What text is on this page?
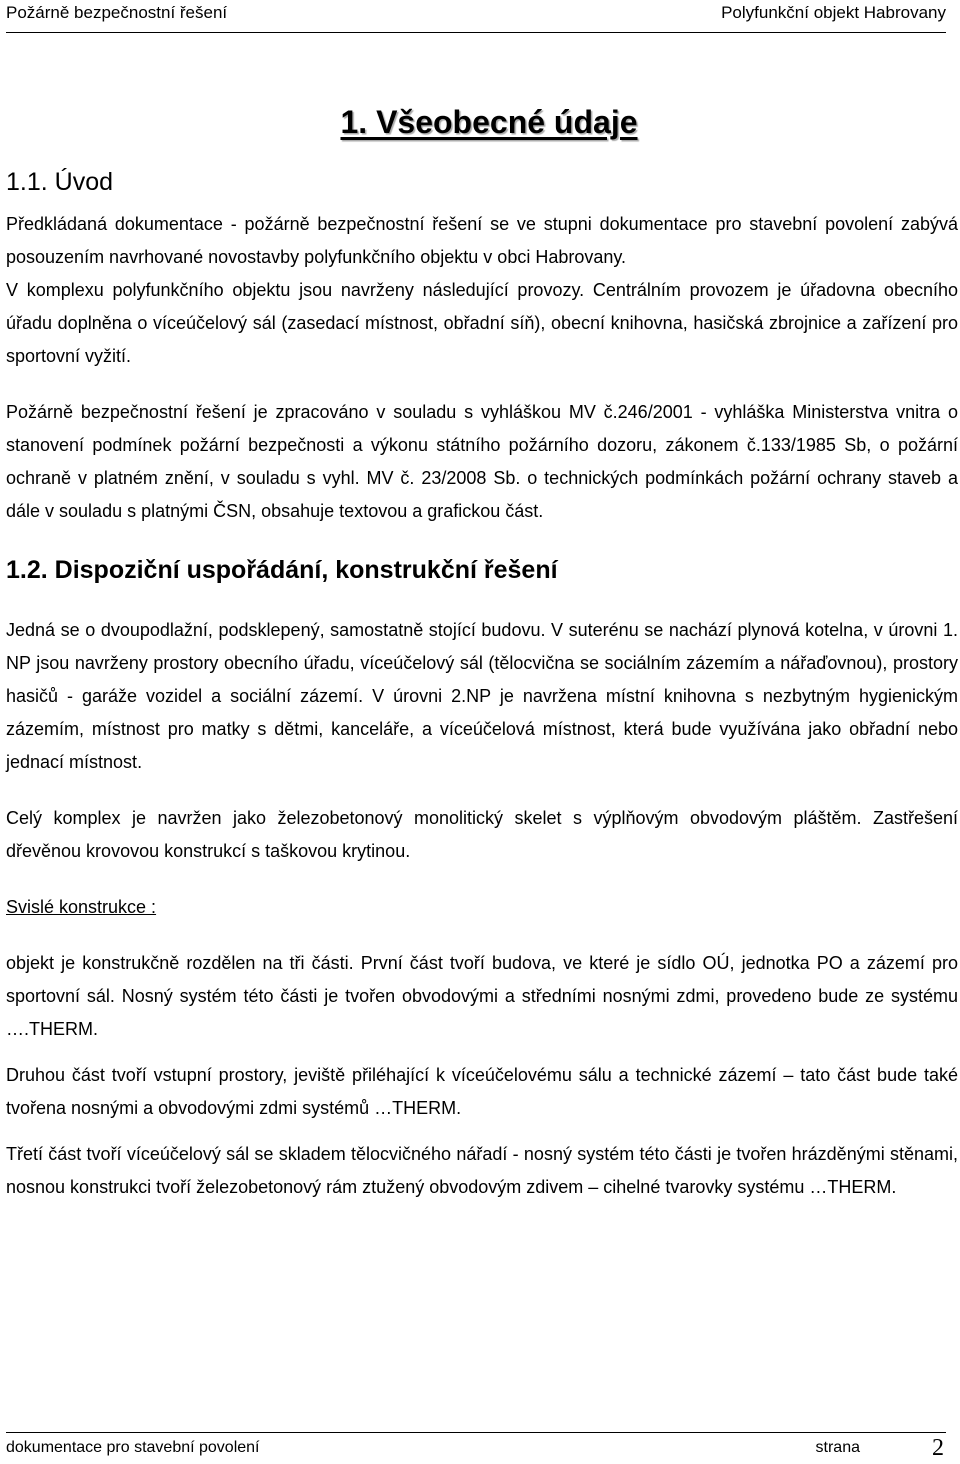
Požárně bezpečnostní řešení	Polyfunkční objekt Habrovany
1. Všeobecné údaje
1.1. Úvod

Předkládaná dokumentace - požárně bezpečnostní řešení se ve stupni dokumentace pro stavební povolení zabývá posouzením navrhované novostavby polyfunkčního objektu v obci Habrovany.

V komplexu polyfunkčního objektu jsou navrženy následující provozy. Centrálním provozem je úřadovna obecního úřadu doplněna o víceúčelový sál (zasedací místnost, obřadní síň), obecní knihovna, hasičská zbrojnice a zařízení pro sportovní vyžití.

Požárně bezpečnostní řešení je zpracováno v souladu s vyhláškou MV č.246/2001 - vyhláška Ministerstva vnitra o stanovení podmínek požární bezpečnosti a výkonu státního požárního dozoru, zákonem č.133/1985 Sb, o požární ochraně v platném znění, v souladu s vyhl. MV č. 23/2008 Sb. o technických podmínkách požární ochrany staveb a dále v souladu s platnými ČSN, obsahuje textovou a grafickou část.

1.2. Dispoziční uspořádání, konstrukční řešení

Jedná se o dvoupodlažní, podsklepený, samostatně stojící budovu. V suterénu se nachází plynová kotelna, v úrovni 1. NP jsou navrženy prostory obecního úřadu, víceúčelový sál (tělocvična se sociálním zázemím a nářaďovnou), prostory hasičů - garáže vozidel a sociální zázemí. V úrovni 2.NP je navržena místní knihovna s nezbytným hygienickým zázemím, místnost pro matky s dětmi, kanceláře, a víceúčelová místnost, která bude využívána jako obřadní nebo jednací místnost.

Celý komplex je navržen jako železobetonový monolitický skelet s výplňovým obvodovým pláštěm. Zastřešení dřevěnou krovovou konstrukcí s taškovou krytinou.

Svislé konstrukce :

objekt je konstrukčně rozdělen na tři části. První část tvoří budova, ve které je sídlo OÚ, jednotka PO a zázemí pro sportovní sál. Nosný systém této části je tvořen obvodovými a středními nosnými zdmi, provedeno bude ze systému ….THERM.

Druhou část tvoří vstupní prostory, jeviště přiléhající k víceúčelovému sálu a technické zázemí – tato část bude také tvořena nosnými a obvodovými zdmi systémů …THERM.

Třetí část tvoří víceúčelový sál se skladem tělocvičného nářadí - nosný systém této části je tvořen hrázděnými stěnami, nosnou konstrukci tvoří železobetonový rám ztužený obvodovým zdivem – cihelné tvarovky systému …THERM.

dokumentace pro stavební povolení	strana	2
